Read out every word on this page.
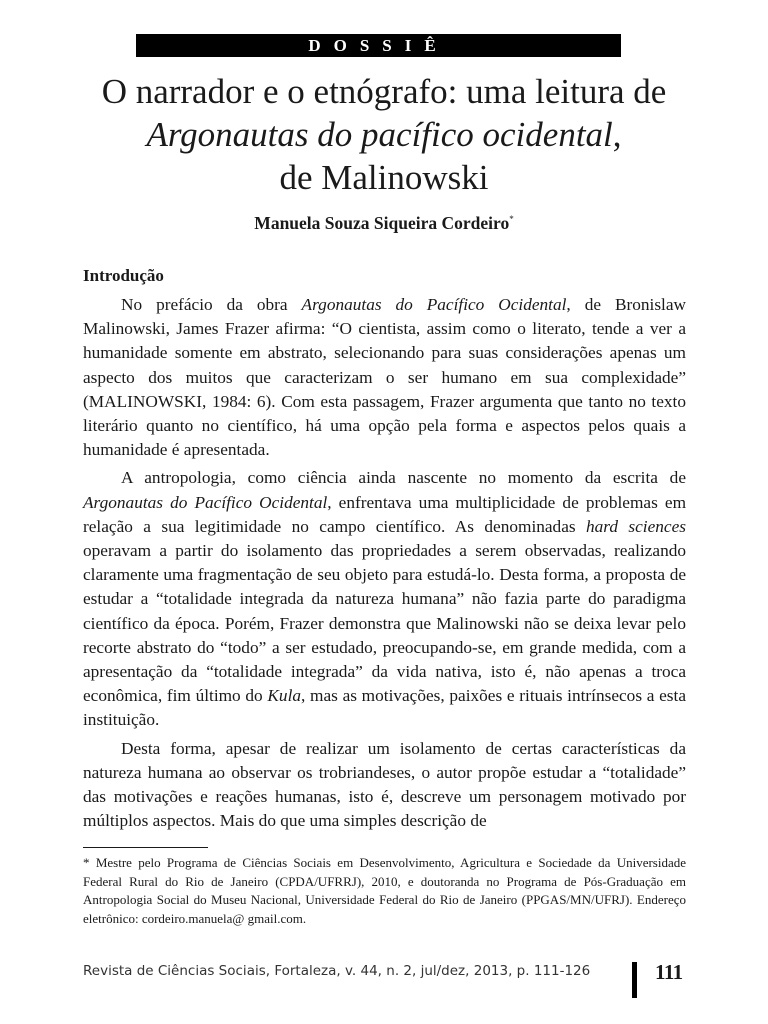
DOSSIÊ
O narrador e o etnógrafo: uma leitura de
Argonautas do pacífico ocidental,
de Malinowski
Manuela Souza Siqueira Cordeiro*
Introdução

No prefácio da obra Argonautas do Pacífico Ocidental, de Bronislaw Malinowski, James Frazer afirma: “O cientista, assim como o literato, tende a ver a humanidade somente em abstrato, selecionando para suas considerações apenas um aspecto dos muitos que caracterizam o ser humano em sua complexidade” (MALINOWSKI, 1984: 6). Com esta passagem, Frazer argumenta que tanto no texto literário quanto no científico, há uma opção pela forma e aspectos pelos quais a humanidade é apresentada.

A antropologia, como ciência ainda nascente no momento da escrita de Argonautas do Pacífico Ocidental, enfrentava uma multiplicidade de problemas em relação a sua legitimidade no campo científico. As denominadas hard sciences operavam a partir do isolamento das propriedades a serem observadas, realizando claramente uma fragmentação de seu objeto para estudá-lo. Desta forma, a proposta de estudar a “totalidade integrada da natureza humana” não fazia parte do paradigma científico da época. Porém, Frazer demonstra que Malinowski não se deixa levar pelo recorte abstrato do “todo” a ser estudado, preocupando-se, em grande medida, com a apresentação da “totalidade integrada” da vida nativa, isto é, não apenas a troca econômica, fim último do Kula, mas as motivações, paixões e rituais intrínsecos a esta instituição.

Desta forma, apesar de realizar um isolamento de certas características da natureza humana ao observar os trobriandeses, o autor propõe estudar a “totalidade” das motivações e reações humanas, isto é, descreve um personagem motivado por múltiplos aspectos. Mais do que uma simples descrição de

* Mestre pelo Programa de Ciências Sociais em Desenvolvimento, Agricultura e Sociedade da Universidade Federal Rural do Rio de Janeiro (CPDA/UFRRJ), 2010, e doutoranda no Programa de Pós-Graduação em Antropologia Social do Museu Nacional, Universidade Federal do Rio de Janeiro (PPGAS/MN/UFRJ). Endereço eletrônico: cordeiro.manuela@ gmail.com.
Revista de Ciências Sociais, Fortaleza, v. 44, n. 2, jul/dez, 2013, p. 111-126	111
